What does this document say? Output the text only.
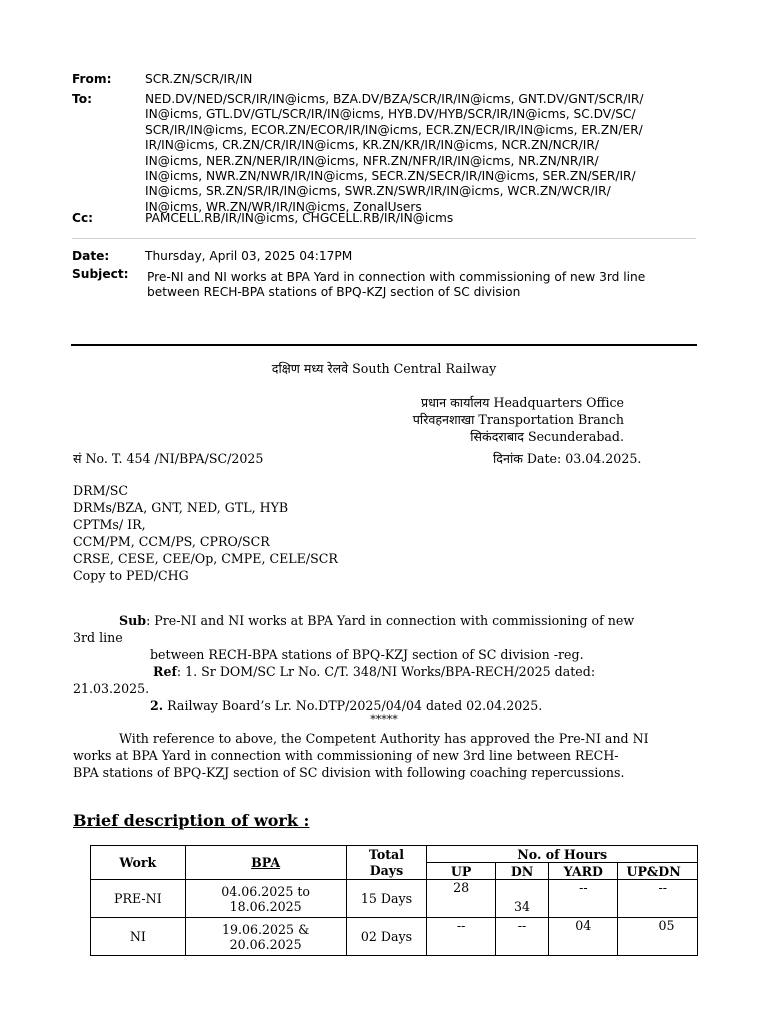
From:	SCR.ZN/SCR/IR/IN
To:	NED.DV/NED/SCR/IR/IN@icms, BZA.DV/BZA/SCR/IR/IN@icms, GNT.DV/GNT/SCR/IR/
IN@icms, GTL.DV/GTL/SCR/IR/IN@icms, HYB.DV/HYB/SCR/IR/IN@icms, SC.DV/SC/
SCR/IR/IN@icms, ECOR.ZN/ECOR/IR/IN@icms, ECR.ZN/ECR/IR/IN@icms, ER.ZN/ER/
IR/IN@icms, CR.ZN/CR/IR/IN@icms, KR.ZN/KR/IR/IN@icms, NCR.ZN/NCR/IR/
IN@icms, NER.ZN/NER/IR/IN@icms, NFR.ZN/NFR/IR/IN@icms, NR.ZN/NR/IR/
IN@icms, NWR.ZN/NWR/IR/IN@icms, SECR.ZN/SECR/IR/IN@icms, SER.ZN/SER/IR/
IN@icms, SR.ZN/SR/IR/IN@icms, SWR.ZN/SWR/IR/IN@icms, WCR.ZN/WCR/IR/
IN@icms, WR.ZN/WR/IR/IN@icms, ZonalUsers
Cc:	PAMCELL.RB/IR/IN@icms, CHGCELL.RB/IR/IN@icms
Date:	Thursday, April 03, 2025 04:17PM
Subject: Pre-NI and NI works at BPA Yard in connection with commissioning of new 3rd line
between RECH-BPA stations of BPQ-KZJ section of SC division
दक्षिण मध्य रेलवे South Central Railway
प्रधान कार्यालय Headquarters Office
परिवहनशाखा Transportation Branch
सिकंदराबाद Secunderabad.
सं No. T. 454 /NI/BPA/SC/2025	दिनांक Date: 03.04.2025.
DRM/SC
DRMs/BZA, GNT, NED, GTL, HYB
CPTMs/ IR,
CCM/PM, CCM/PS, CPRO/SCR
CRSE, CESE, CEE/Op, CMPE, CELE/SCR
Copy to PED/CHG
Sub: Pre-NI and NI works at BPA Yard in connection with commissioning of new
3rd line
between RECH-BPA stations of BPQ-KZJ section of SC division -reg.
Ref: 1. Sr DOM/SC Lr No. C/T. 348/NI Works/BPA-RECH/2025 dated:
21.03.2025.
2. Railway Board’s Lr. No.DTP/2025/04/04 dated 02.04.2025.
*****
With reference to above, the Competent Authority has approved the Pre-NI and NI
works at BPA Yard in connection with commissioning of new 3rd line between RECH-
BPA stations of BPQ-KZJ section of SC division with following coaching repercussions.
Brief description of work :
Work	BPA	Total	No. of Hours			
		Days	UP	DN	YARD	UP&DN
PRE-NI	04.06.2025 to
18.06.2025	15 Days	28	34	--	--
NI	19.06.2025 &
20.06.2025	02 Days	--	--	04	05
